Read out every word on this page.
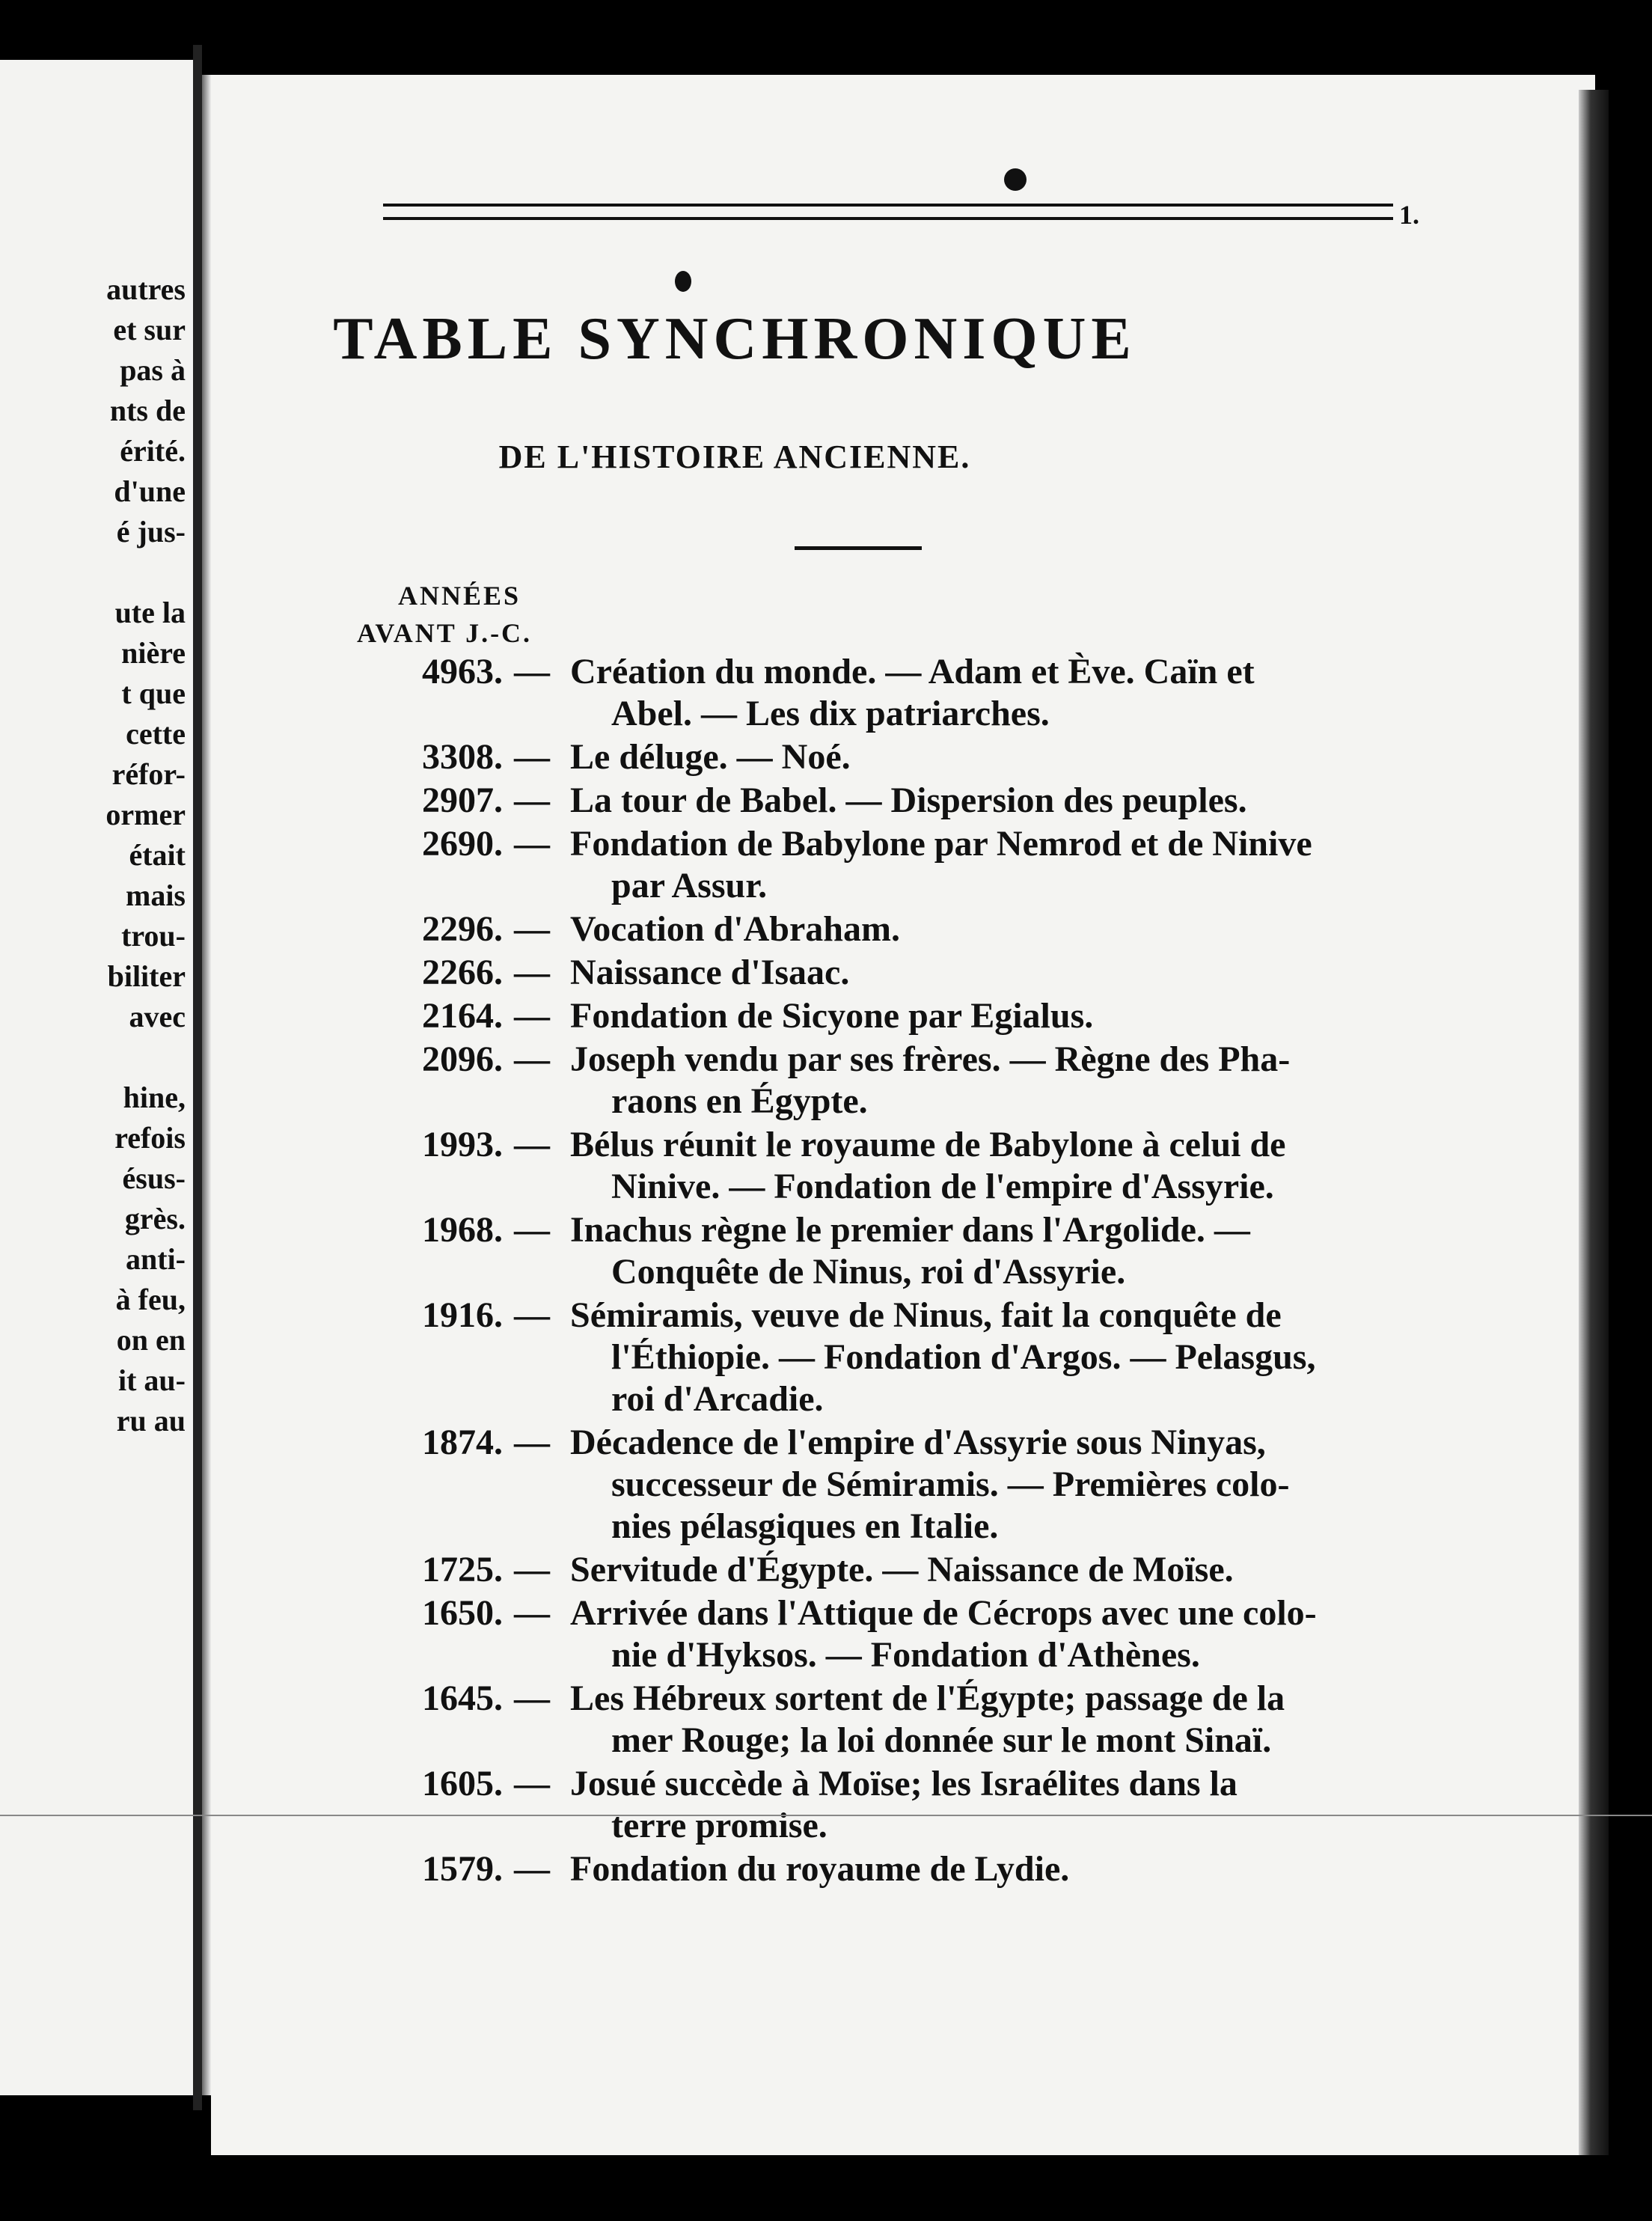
autres
et sur
pas à
nts de
érité.
d'une
é jus-
ute la
nière
t que
cette
réfor-
ormer
était
mais
trou-
biliter
avec
hine,
refois
ésus-
grès.
anti-
à feu,
on en
it au-
ru au
1.
TABLE SYNCHRONIQUE
DE L'HISTOIRE ANCIENNE.
ANNÉES
AVANT J.-C.
4963. — Création du monde. — Adam et Ève. Caïn et
Abel. — Les dix patriarches.
3308. — Le déluge. — Noé.
2907. — La tour de Babel. — Dispersion des peuples.
2690. — Fondation de Babylone par Nemrod et de Ninive
par Assur.
2296. — Vocation d'Abraham.
2266. — Naissance d'Isaac.
2164. — Fondation de Sicyone par Egialus.
2096. — Joseph vendu par ses frères. — Règne des Pha-
raons en Égypte.
1993. — Bélus réunit le royaume de Babylone à celui de
Ninive. — Fondation de l'empire d'Assyrie.
1968. — Inachus règne le premier dans l'Argolide. —
Conquête de Ninus, roi d'Assyrie.
1916. — Sémiramis, veuve de Ninus, fait la conquête de
l'Éthiopie. — Fondation d'Argos. — Pelasgus,
roi d'Arcadie.
1874. — Décadence de l'empire d'Assyrie sous Ninyas,
successeur de Sémiramis. — Premières colo-
nies pélasgiques en Italie.
1725. — Servitude d'Égypte. — Naissance de Moïse.
1650. — Arrivée dans l'Attique de Cécrops avec une colo-
nie d'Hyksos. — Fondation d'Athènes.
1645. — Les Hébreux sortent de l'Égypte; passage de la
mer Rouge; la loi donnée sur le mont Sinaï.
1605. — Josué succède à Moïse; les Israélites dans la
terre promise.
1579. — Fondation du royaume de Lydie.
